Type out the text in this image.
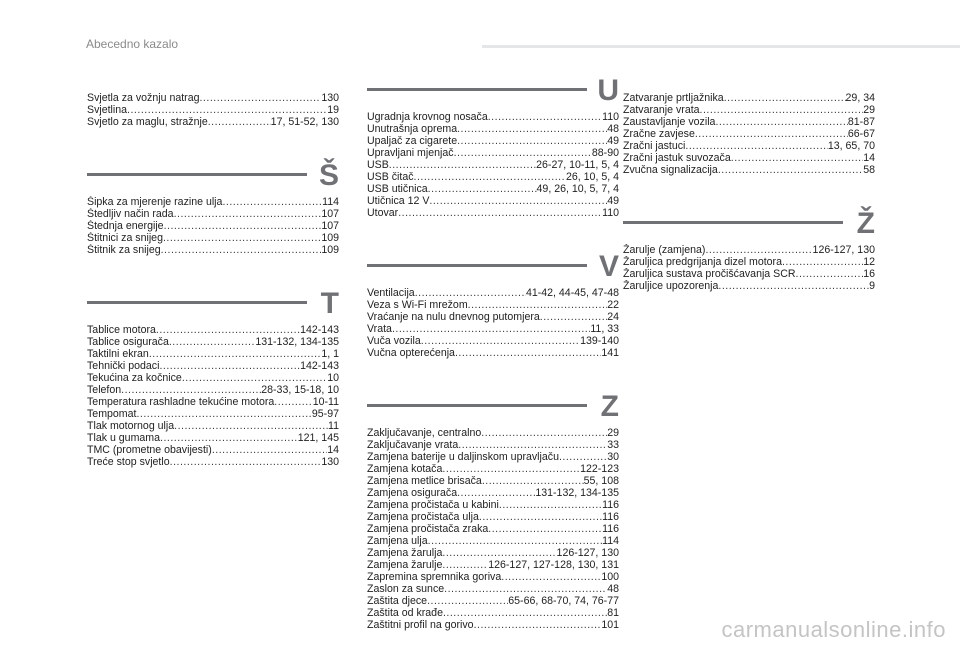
Abecedno kazalo
Svjetla za vožnju natrag .....	130
Svjetlina .....	19
Svjetlo za maglu, stražnje .....	17, 51-52, 130
Š
Šipka za mjerenje razine ulja .....	114
Štedljiv način rada .....	107
Štednja energije .....	107
Štitnici za snijeg .....	109
Štitnik za snijeg .....	109
T
Tablice motora .....	142-143
Tablice osigurača .....	131-132, 134-135
Taktilni ekran .....	1, 1
Tehnički podaci .....	142-143
Tekućina za kočnice .....	10
Telefon .....	28-33, 15-18, 10
Temperatura rashladne tekućine motora .....	10-11
Tempomat .....	95-97
Tlak motornog ulja .....	11
Tlak u gumama .....	121, 145
TMC (prometne obavijesti) .....	14
Treće stop svjetlo .....	130
U
Ugradnja krovnog nosača .....	110
Unutrašnja oprema .....	48
Upaljač za cigarete .....	49
Upravljani mjenjač .....	88-90
USB .....	26-27, 10-11, 5, 4
USB čitač .....	26, 10, 5, 4
USB utičnica .....	49, 26, 10, 5, 7, 4
Utičnica 12 V .....	49
Utovar .....	110
V
Ventilacija .....	41-42, 44-45, 47-48
Veza s Wi-Fi mrežom .....	22
Vraćanje na nulu dnevnog putomjera .....	24
Vrata .....	11, 33
Vuča vozila .....	139-140
Vučna opterećenja .....	141
Z
Zaključavanje, centralno .....	29
Zaključavanje vrata .....	33
Zamjena baterije u daljinskom upravljaču .....	30
Zamjena kotača .....	122-123
Zamjena metlice brisača .....	55, 108
Zamjena osigurača .....	131-132, 134-135
Zamjena pročistača u kabini .....	116
Zamjena pročistača ulja .....	116
Zamjena pročistača zraka .....	116
Zamjena ulja .....	114
Zamjena žarulja .....	126-127, 130
Zamjena žarulje .....	126-127, 127-128, 130, 131
Zapremina spremnika goriva .....	100
Zaslon za sunce .....	48
Zaštita djece .....	65-66, 68-70, 74, 76-77
Zaštita od krađe .....	81
Zaštitni profil na gorivo .....	101
Zatvaranje prtljažnika .....	29, 34
Zatvaranje vrata .....	29
Zaustavljanje vozila .....	81-87
Zračne zavjese .....	66-67
Zračni jastuci .....	13, 65, 70
Zračni jastuk suvozača .....	14
Zvučna signalizacija .....	58
Ž
Žarulje (zamjena) .....	126-127, 130
Žaruljica predgrijanja dizel motora .....	12
Žaruljica sustava pročišćavanja SCR .....	16
Žaruljice upozorenja .....	9
carmanualsonline.info
